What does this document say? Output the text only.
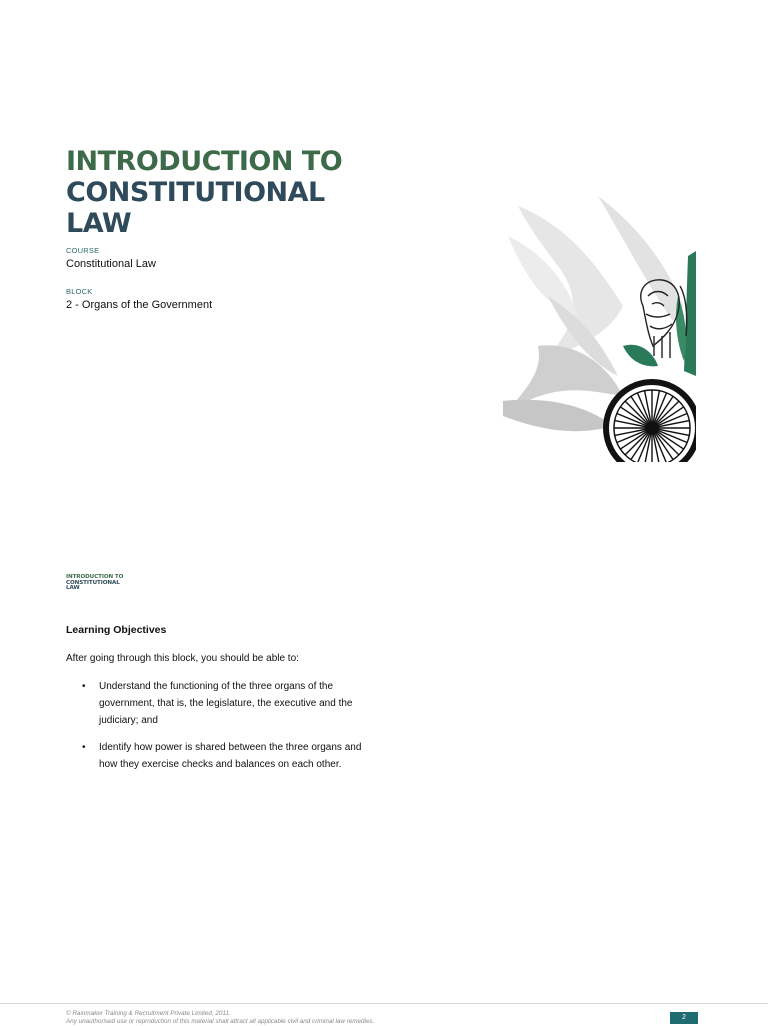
INTRODUCTION TO
CONSTITUTIONAL
LAW
COURSE
Constitutional Law
BLOCK
2 - Organs of the Government
INTRODUCTION TO
CONSTITUTIONAL
LAW
Learning Objectives

After going through this block, you should be able to:

• Understand the functioning of the three organs of the government, that is, the legislature, the executive and the judiciary; and
• Identify how power is shared between the three organs and how they exercise checks and balances on each other.
© Rainmaker Training & Recruitment Private Limited, 2011.
Any unauthorised use or reproduction of this material shall attract all applicable civil and criminal law remedies.
2
